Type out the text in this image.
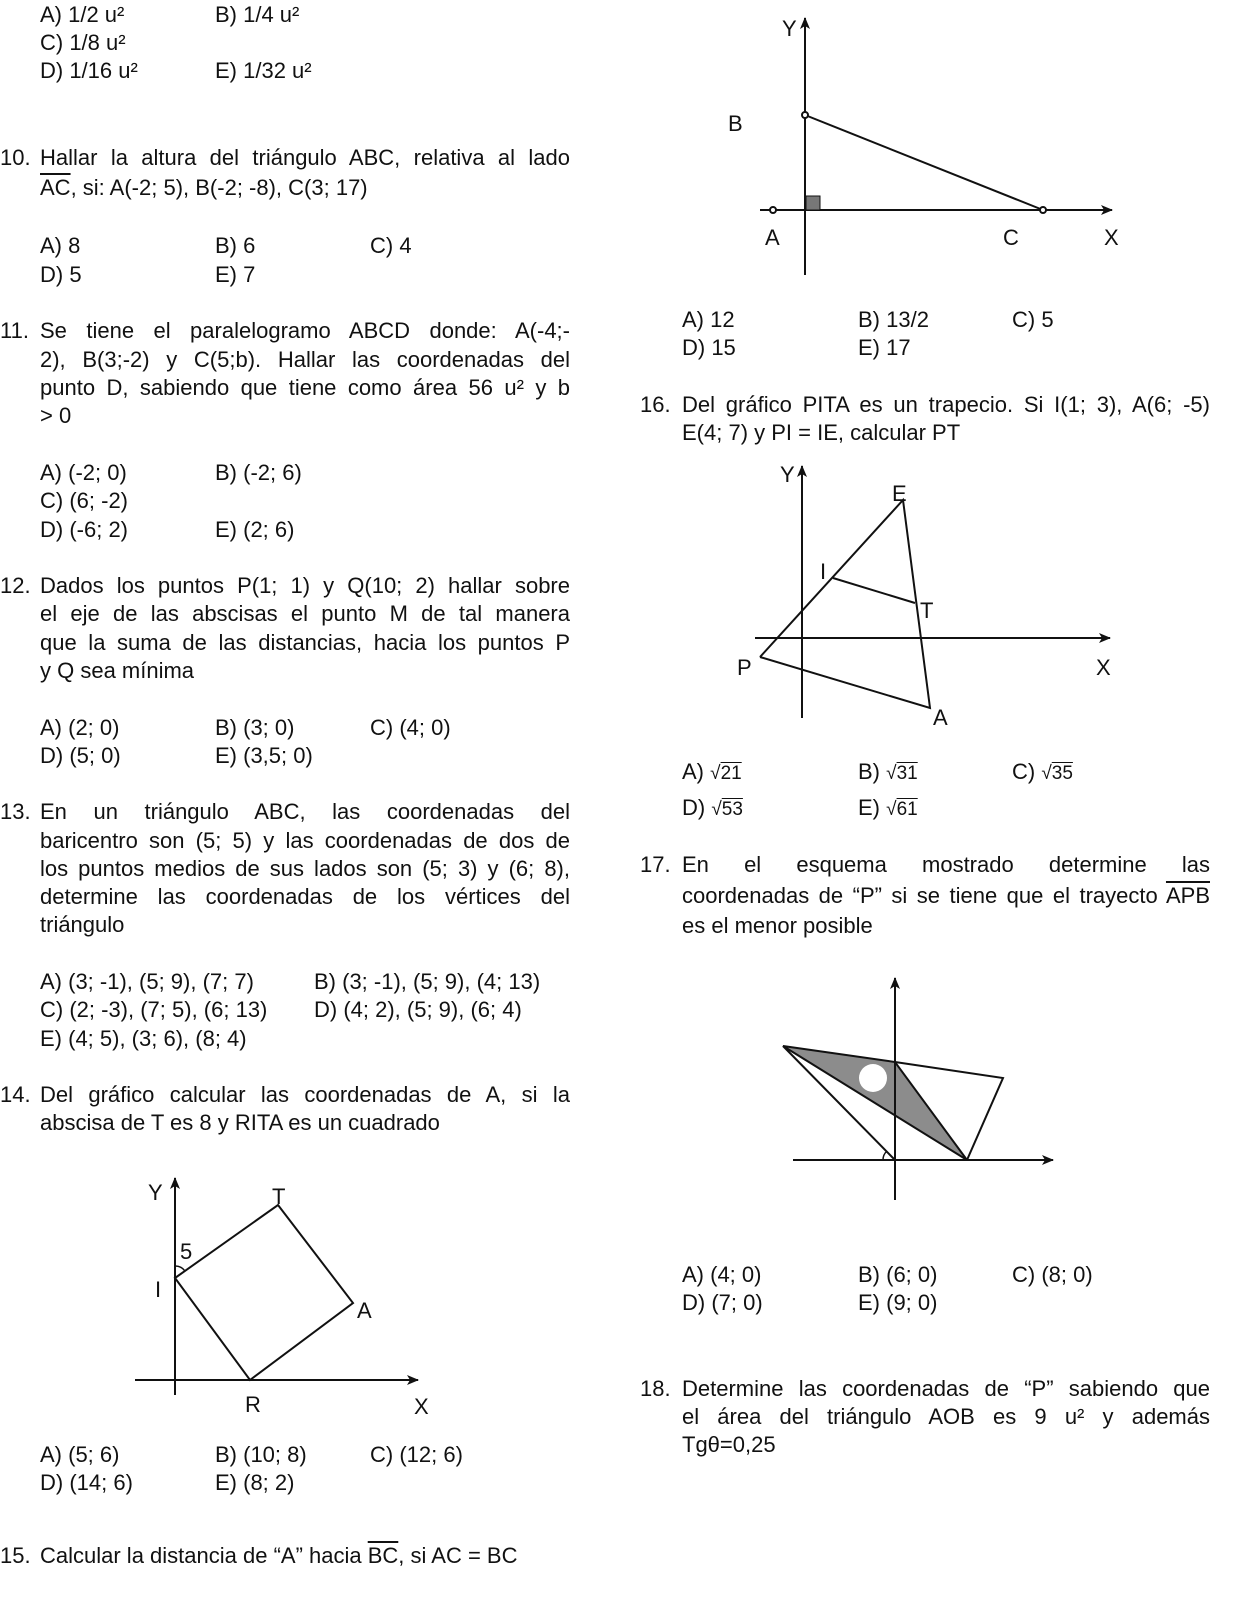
Y
B
A	C	X
Y
E
I
T
P	X
A
Y	T
5
I
A
R	X
A) 1/2 u²	B) 1/4 u²
C) 1/8 u²
D) 1/16 u²	E) 1/32 u²
10. Hallar la altura del triángulo ABC, relativa al lado
$\overline{AC}$, si: A(-2; 5), B(-2; -8), C(3; 17)
A) 8	B) 6	C) 4
D) 5	E) 7
11. Se tiene el paralelogramo ABCD donde: A(-4;-
2), B(3;-2) y C(5;b). Hallar las coordenadas del
punto D, sabiendo que tiene como área 56 u² y b
> 0
A) (-2; 0)	B) (-2; 6)
C) (6; -2)
D) (-6; 2)	E) (2; 6)
12. Dados los puntos P(1; 1) y Q(10; 2) hallar sobre
el eje de las abscisas el punto M de tal manera
que la suma de las distancias, hacia los puntos P
y Q sea mínima
A) (2; 0)	B) (3; 0)	C) (4; 0)
D) (5; 0)	E) (3,5; 0)
13. En un triángulo ABC, las coordenadas del
baricentro son (5; 5) y las coordenadas de dos de
los puntos medios de sus lados son (5; 3) y (6; 8),
determine las coordenadas de los vértices del
triángulo
A) (3; -1), (5; 9), (7; 7)	B) (3; -1), (5; 9), (4; 13)
C) (2; -3), (7; 5), (6; 13) D) (4; 2), (5; 9), (6; 4)
E) (4; 5), (3; 6), (8; 4)
14. Del gráfico calcular las coordenadas de A, si la
abscisa de T es 8 y RITA es un cuadrado
A) (5; 6)	B) (10; 8)	C) (12; 6)
D) (14; 6)	E) (8; 2)
15. Calcular la distancia de “A” hacia $\overline{BC}$, si AC = BC
A) 12	B) 13/2	C) 5
D) 15	E) 17
16. Del gráfico PITA es un trapecio. Si I(1; 3), A(6; -5)
E(4; 7) y PI = IE, calcular PT
A) √21	B) √31	C) √35
D) √53	E) √61
17. En el esquema mostrado determine las
coordenadas de “P” si se tiene que el trayecto $\overline{APB}$
es el menor posible
A) (4; 0)	B) (6; 0)	C) (8; 0)
D) (7; 0)	E) (9; 0)
18. Determine las coordenadas de “P” sabiendo que
el área del triángulo AOB es 9 u² y además
Tgθ=0,25
